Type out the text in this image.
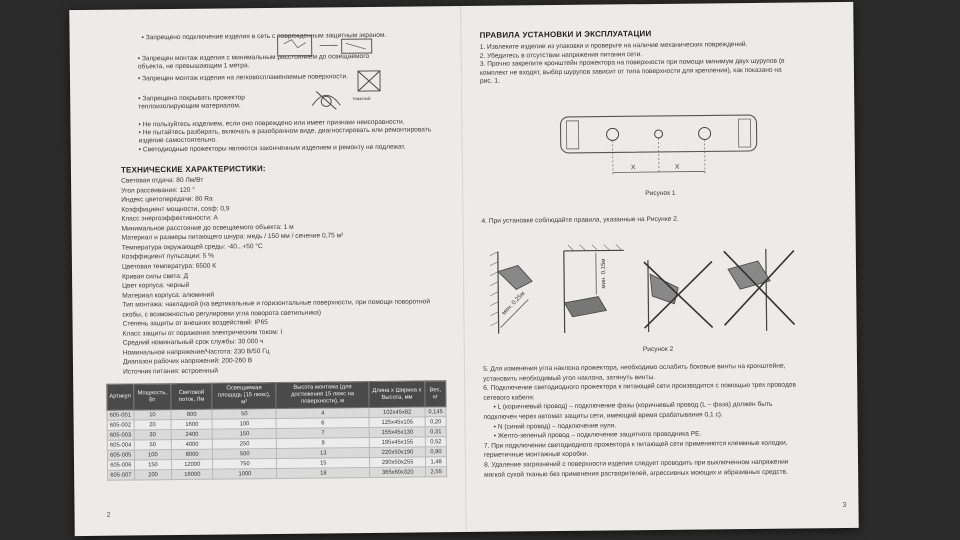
• Запрещено подключение изделия в сеть с поврежденным защитным экраном.
• Запрещен монтаж изделия с минимальным расстоянием до освещаемого объекта, не превышающим 1 метра.
• Запрещен монтаж изделия на легковоспламеняемые поверхности.
• Запрещено покрывать прожектор теплоизолирующим материалом.
тяжелый
• Не пользуйтесь изделием, если оно повреждено или имеет признаки неисправности.
• Не пытайтесь разбирать, включать в разобранном виде, диагностировать или ремонтировать изделие самостоятельно.
• Светодиодные прожекторы являются законченным изделием и ремонту не подлежат.
ТЕХНИЧЕСКИЕ ХАРАКТЕРИСТИКИ:
Световая отдача: 80 Лм/Вт
Угол рассеивания: 120 °
Индекс цветопередачи: 80 Ra
Коэффициент мощности, cosф: 0,9
Класс энергоэффективности: A
Минимальное расстояние до освещаемого объекта: 1 м
Материал и размеры питающего шнура: медь / 150 мм / сечение 0,75 м²
Температура окружающей среды: -40...+50 °C
Коэффициент пульсации: 5 %
Цветовая температура: 6500 К
Кривая силы света: Д
Цвет корпуса: черный
Материал корпуса: алюминий
Тип монтажа: накладной (на вертикальные и горизонтальные поверхности, при помощи поворотной
скобы, с возможностью регулировки угла поворота светильника)
Степень защиты от внешних воздействий: IP65
Класс защиты от поражения электрическим током: I
Средний номинальный срок службы: 30 000 ч
Номинальное напряжение/Частота: 230 В/50 Гц
Диапазон рабочих напряжений: 200-260 В
Источник питания: встроенный
Артикул	Мощность, Вт	Световой поток, Лм	Освещаемая площадь (15 люкс), м²	Высота монтажа (для достижения 15 люкс на поверхности), м	Длина x Ширина x Высота, мм	Вес, кг
605-001	10	800	50	4	102x45x82	0,145
605-002	20	1600	100	6	125x45x105	0,20
605-003	30	2400	150	7	155x45x130	0,31
605-004	50	4000	250	9	195x45x155	0,52
605-005	100	8000	500	13	220x50x190	0,90
605-006	150	12000	750	15	290x50x255	1,48
605-007	200	16000	1000	18	365x60x320	2,55
2
ПРАВИЛА УСТАНОВКИ И ЭКСПЛУАТАЦИИ
1. Извлеките изделие из упаковки и проверьте на наличие механических повреждений.
2. Убедитесь в отсутствии напряжения питания сети.
3. Прочно закрепите кронштейн прожектора на поверхности при помощи минимум двух шурупов (в
комплект не входят, выбор шурупов зависит от типа поверхности для крепления), как показано на
рис. 1.
X	X
Рисунок 1
4. При установке соблюдайте правила, указанные на Рисунке 2.
мин. 0,25м
мин. 0,15м
Рисунок 2
5. Для изменения угла наклона прожектора, необходимо ослабить боковые винты на кронштейне,
установить необходимый угол наклона, затянуть винты.
6. Подключение светодиодного прожектора к питающей сети производится с помощью трех проводов
сетевого кабеля:
• L (коричневый провод) – подключение фазы (коричневый провод (L – фаза) должен быть
подключен через автомат защиты сети, имеющий время срабатывания 0,1 с).
• N (синий провод) – подключение нуля.
• Желто-зеленый провод – подключение защитного проводника PE.
7. При подключении светодиодного прожектора к питающей сети применяются клеммные колодки,
герметичные монтажные коробки.
8. Удаление загрязнений с поверхности изделия следует проводить при выключенном напряжении
мягкой сухой тканью без применения растворителей, агрессивных моющих и абразивных средств.
3
